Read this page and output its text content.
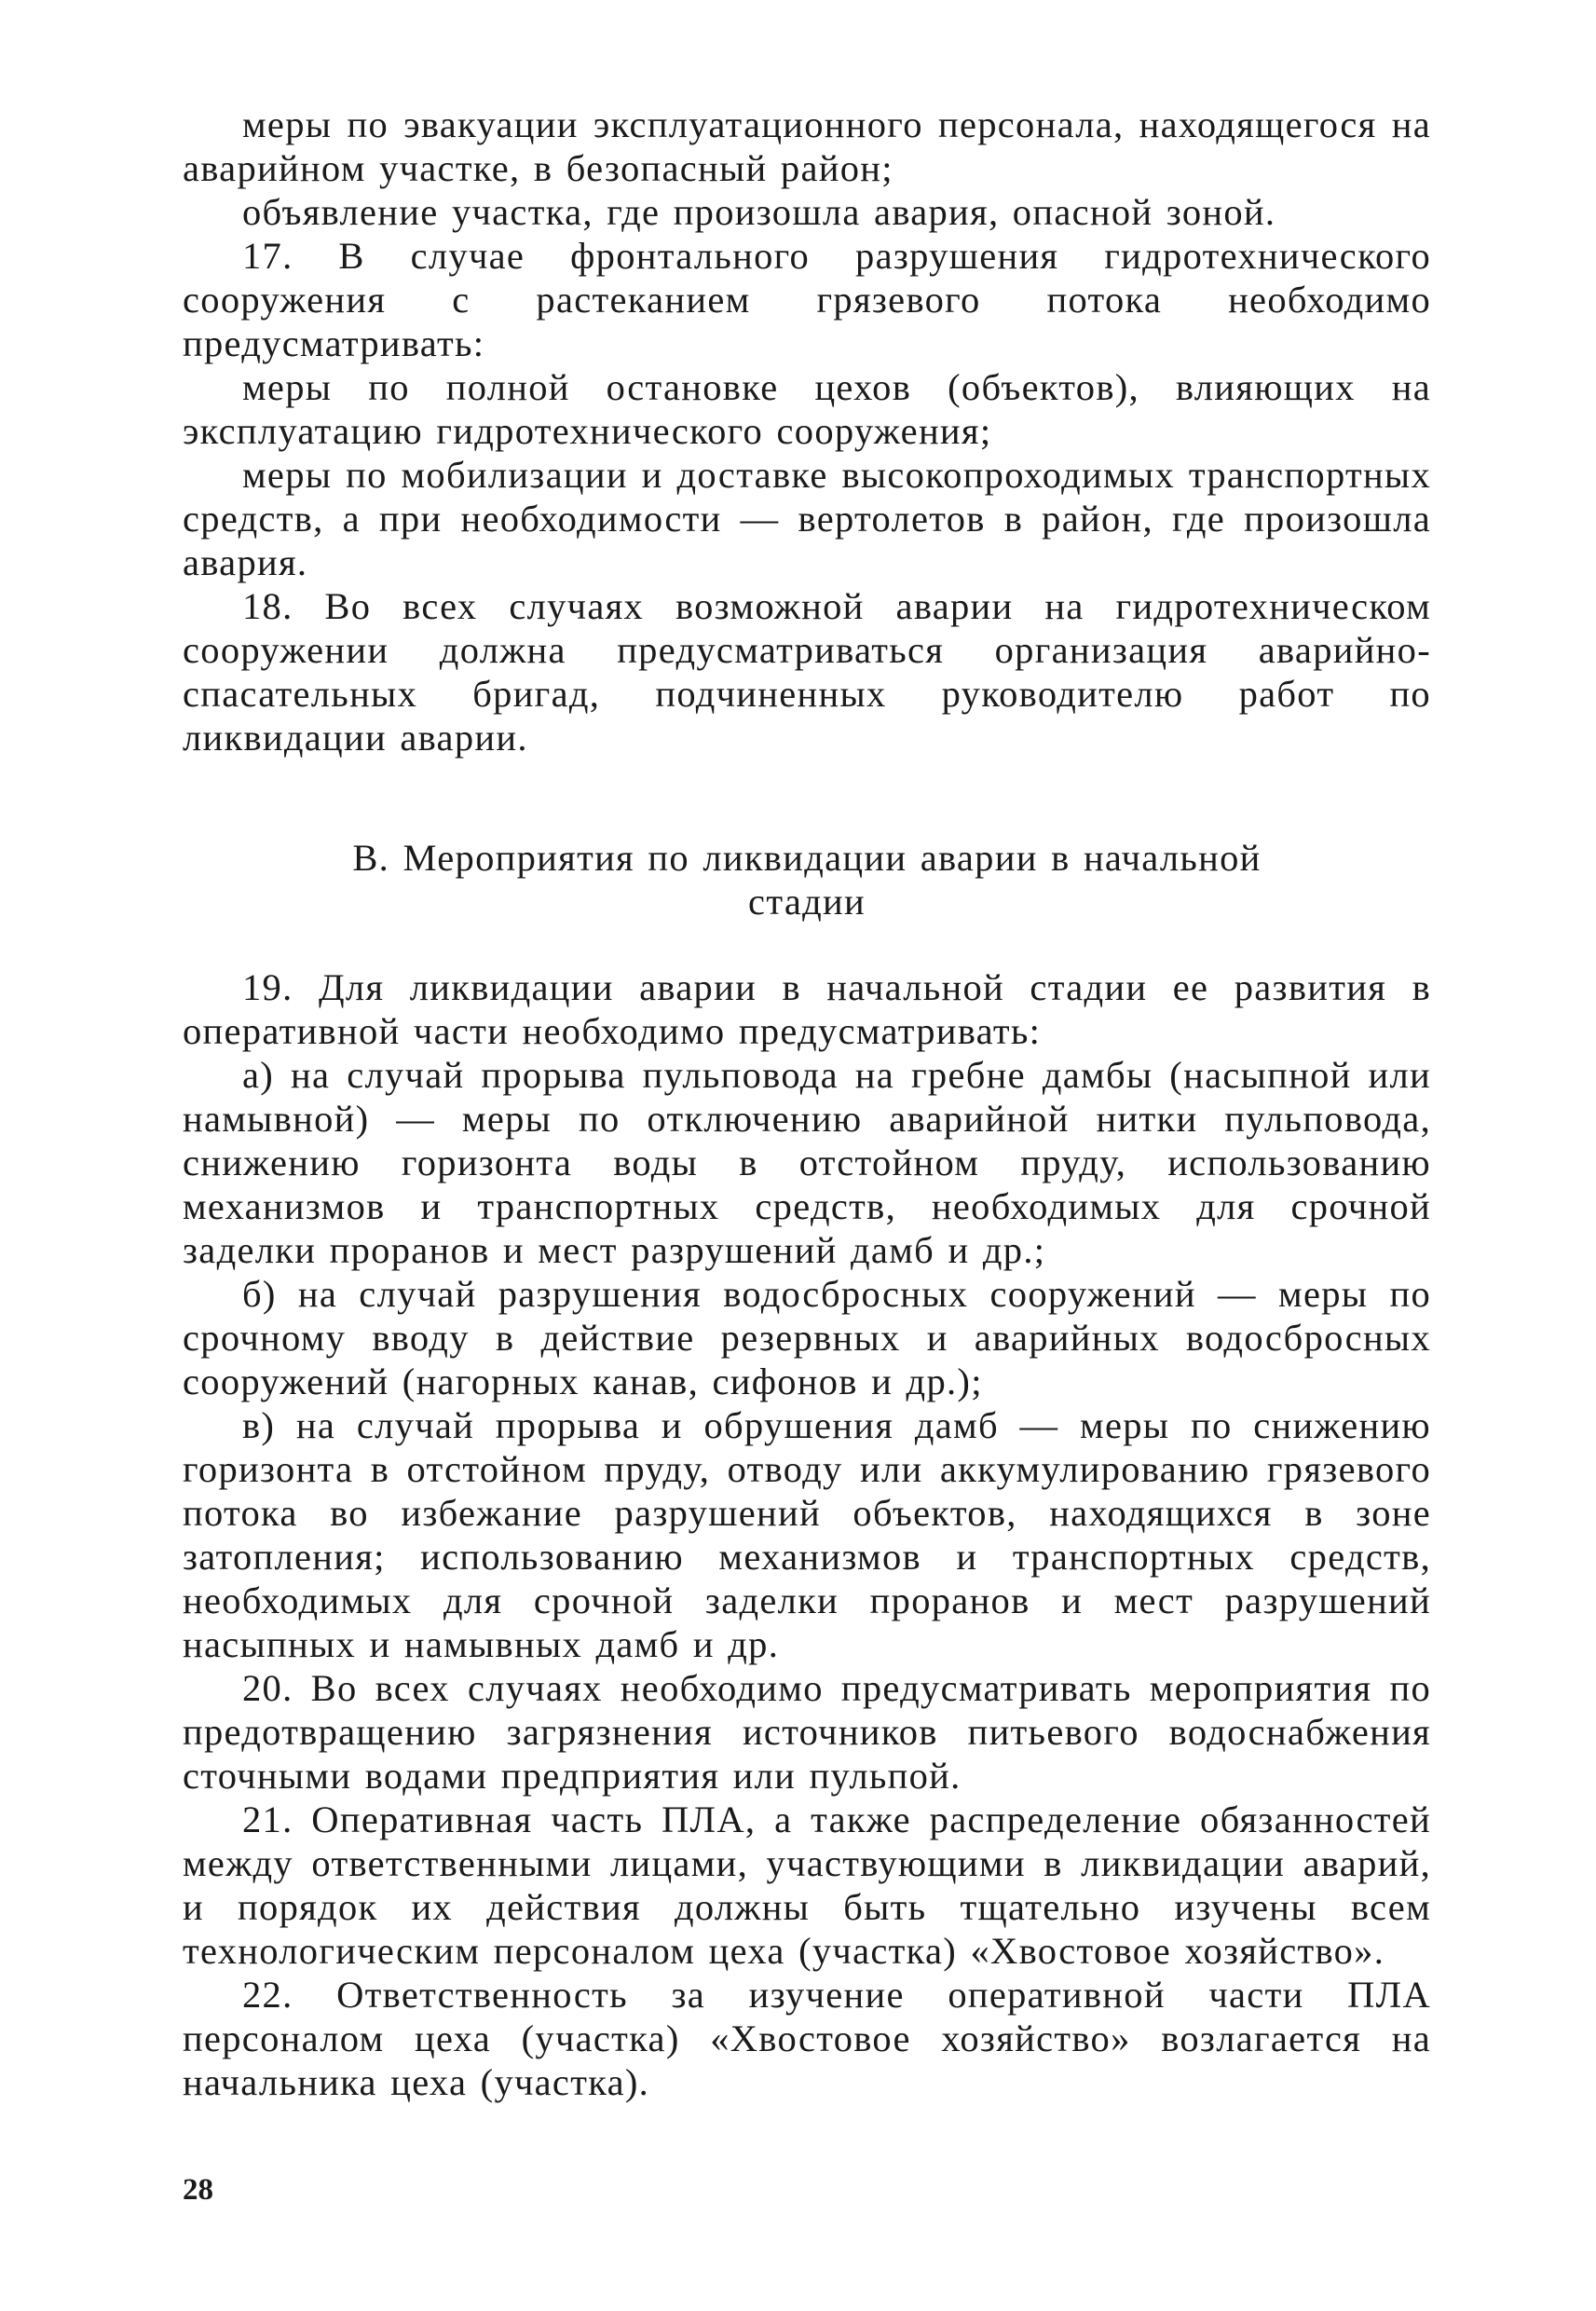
меры по эвакуации эксплуатационного персонала, находящегося на аварийном участке, в безопасный район;

объявление участка, где произошла авария, опасной зоной.

17. В случае фронтального разрушения гидротехнического сооружения с растеканием грязевого потока необходимо предусматривать:

меры по полной остановке цехов (объектов), влияющих на эксплуатацию гидротехнического сооружения;

меры по мобилизации и доставке высокопроходимых транспортных средств, а при необходимости — вертолетов в район, где произошла авария.

18. Во всех случаях возможной аварии на гидротехническом сооружении должна предусматриваться организация аварийно-спасательных бригад, подчиненных руководителю работ по ликвидации аварии.

В. Мероприятия по ликвидации аварии в начальной
стадии

19. Для ликвидации аварии в начальной стадии ее развития в оперативной части необходимо предусматривать:

а) на случай прорыва пульповода на гребне дамбы (насыпной или намывной) — меры по отключению аварийной нитки пульповода, снижению горизонта воды в отстойном пруду, использованию механизмов и транспортных средств, необходимых для срочной заделки проранов и мест разрушений дамб и др.;

б) на случай разрушения водосбросных сооружений — меры по срочному вводу в действие резервных и аварийных водосбросных сооружений (нагорных канав, сифонов и др.);

в) на случай прорыва и обрушения дамб — меры по снижению горизонта в отстойном пруду, отводу или аккумулированию грязевого потока во избежание разрушений объектов, находящихся в зоне затопления; использованию механизмов и транспортных средств, необходимых для срочной заделки проранов и мест разрушений насыпных и намывных дамб и др.

20. Во всех случаях необходимо предусматривать мероприятия по предотвращению загрязнения источников питьевого водоснабжения сточными водами предприятия или пульпой.

21. Оперативная часть ПЛА, а также распределение обязанностей между ответственными лицами, участвующими в ликвидации аварий, и порядок их действия должны быть тщательно изучены всем технологическим персоналом цеха (участка) «Хвостовое хозяйство».

22. Ответственность за изучение оперативной части ПЛА персоналом цеха (участка) «Хвостовое хозяйство» возлагается на начальника цеха (участка).

28
